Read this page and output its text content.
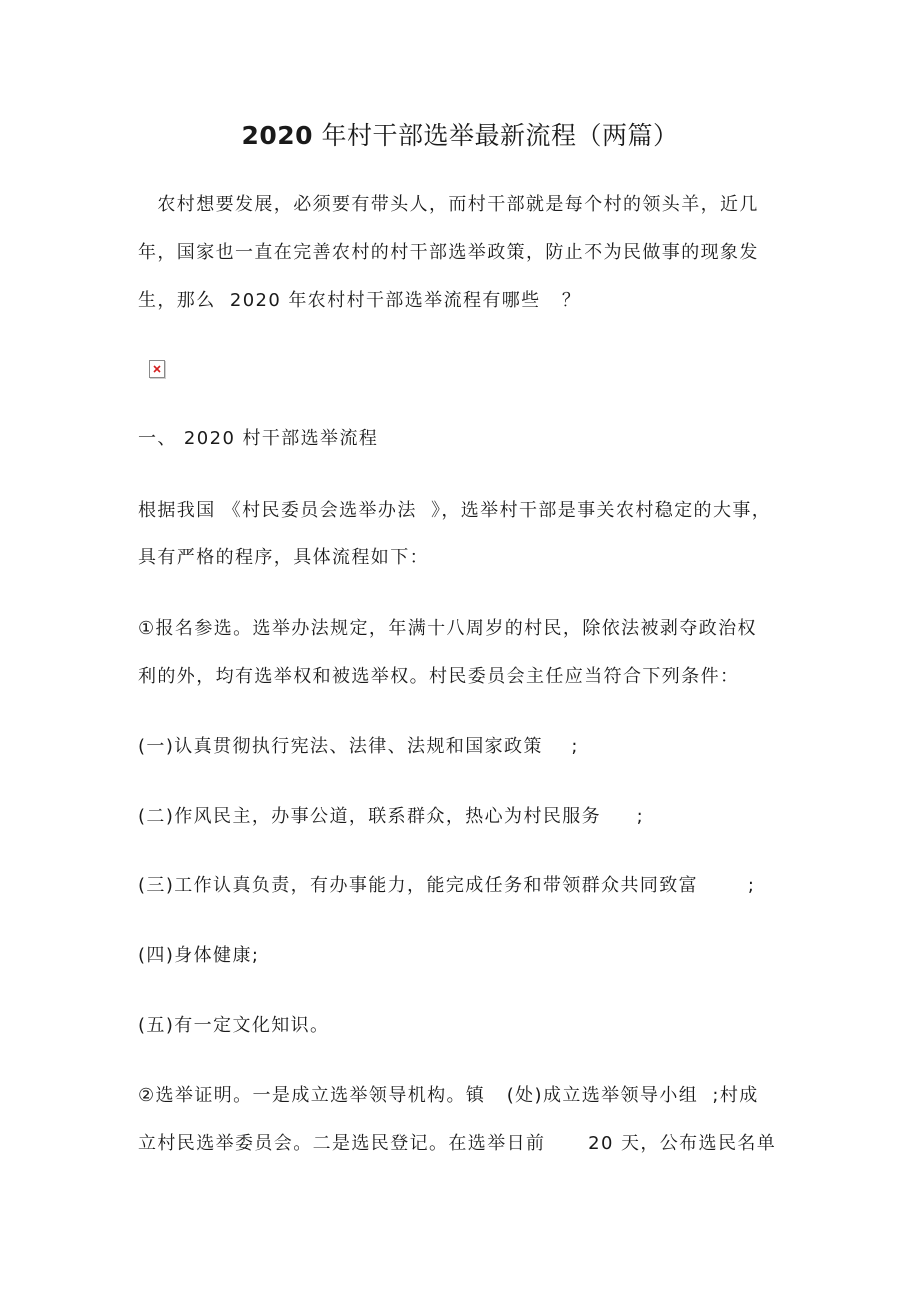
2020 年村干部选举最新流程（两篇）
　农村想要发展，必须要有带头人，而村干部就是每个村的领头羊，近几
年，国家也一直在完善农村的村干部选举政策，防止不为民做事的现象发
生，那么  2020 年农村村干部选举流程有哪些   ？
一、 2020 村干部选举流程
根据我国 《村民委员会选举办法  》，选举村干部是事关农村稳定的大事，
具有严格的程序，具体流程如下：
①报名参选。选举办法规定，年满十八周岁的村民，除依法被剥夺政治权
利的外，均有选举权和被选举权。村民委员会主任应当符合下列条件：
(一)认真贯彻执行宪法、法律、法规和国家政策    ;
(二)作风民主，办事公道，联系群众，热心为村民服务     ;
(三)工作认真负责，有办事能力，能完成任务和带领群众共同致富       ;
(四)身体健康;
(五)有一定文化知识。
②选举证明。一是成立选举领导机构。镇   (处)成立选举领导小组  ;村成
立村民选举委员会。二是选民登记。在选举日前      20 天，公布选民名单
